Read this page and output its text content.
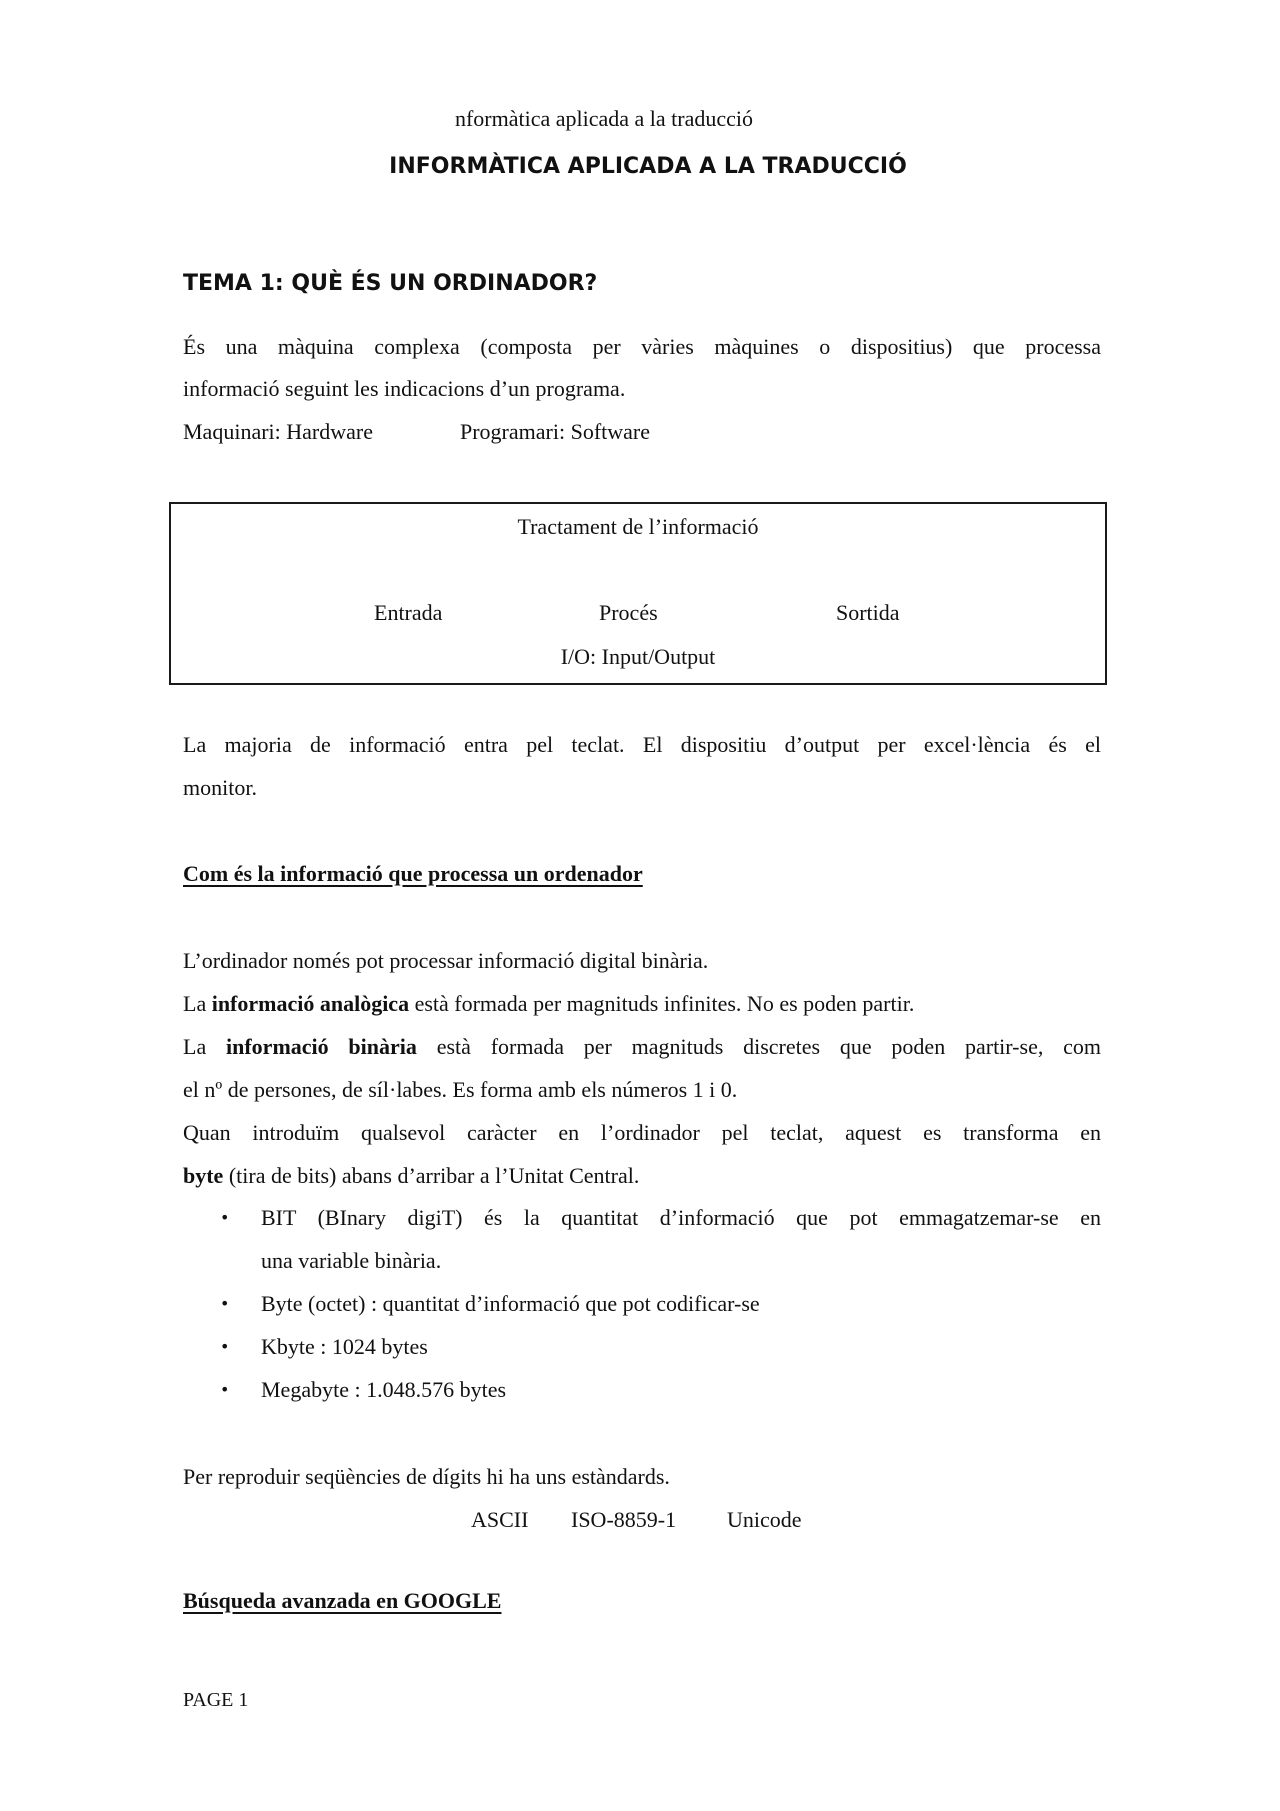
nformàtica aplicada a la traducció
INFORMÀTICA APLICADA A LA TRADUCCIÓ
TEMA 1: QUÈ ÉS UN ORDINADOR?
És una màquina complexa (composta per vàries màquines o dispositius) que processa
informació seguint les indicacions d’un programa.
Maquinari: Hardware	Programari: Software
Tractament de l’informació
Entrada	Procés	Sortida
I/O: Input/Output
La majoria de informació entra pel teclat. El dispositiu d’output per excel·lència és el
monitor.
Com és la informació que processa un ordenador
L’ordinador només pot processar informació digital binària.
La informació analògica està formada per magnituds infinites. No es poden partir.
La informació binària està formada per magnituds discretes que poden partir-se, com
el nº de persones, de síl·labes. Es forma amb els números 1 i 0.
Quan introduïm qualsevol caràcter en l’ordinador pel teclat, aquest es transforma en
byte (tira de bits) abans d’arribar a l’Unitat Central.
• BIT (BInary digiT) és la quantitat d’informació que pot emmagatzemar-se en
una variable binària.
• Byte (octet) : quantitat d’informació que pot codificar-se
• Kbyte : 1024 bytes
• Megabyte : 1.048.576 bytes
Per reproduir seqüències de dígits hi ha uns estàndards.
ASCII ISO-8859-1 Unicode
Búsqueda avanzada en GOOGLE
PAGE 1
